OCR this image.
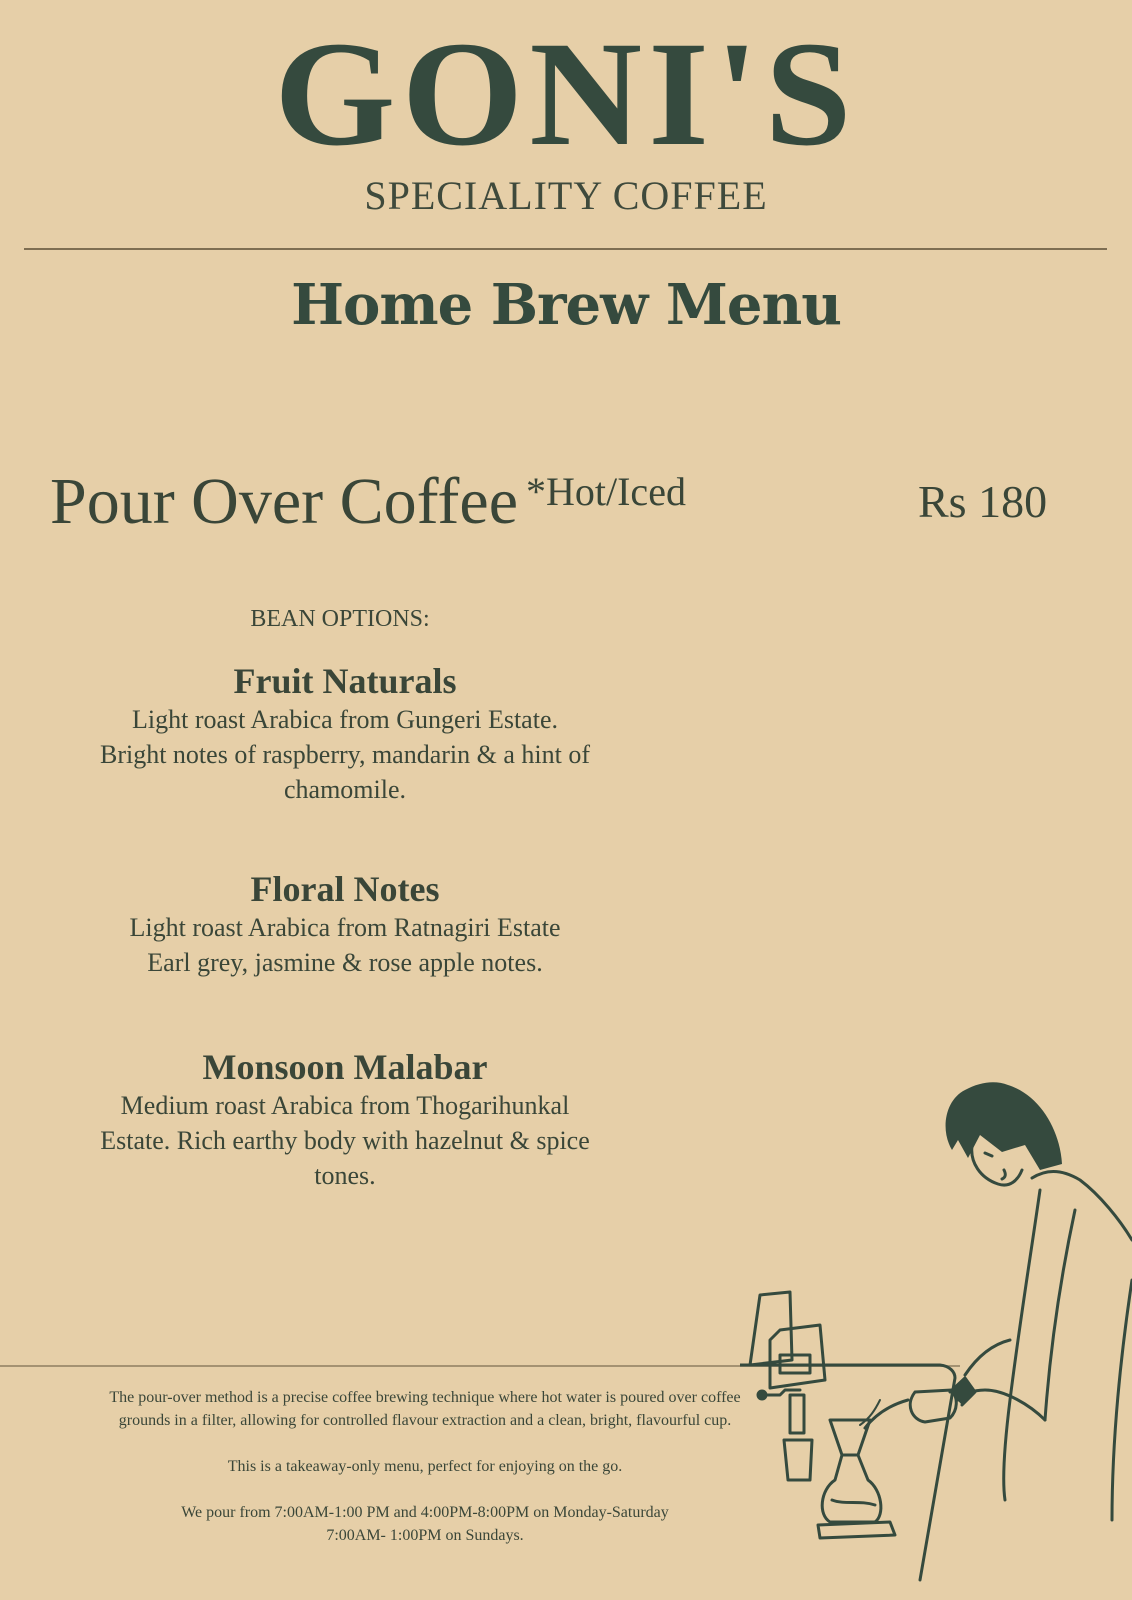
GONI'S
SPECIALITY COFFEE
Home Brew Menu
Pour Over Coffee $^{*Hot/Iced}$	Rs 180
BEAN OPTIONS:
Fruit Naturals
Light roast Arabica from Gungeri Estate.
Bright notes of raspberry, mandarin & a hint of
chamomile.
Floral Notes
Light roast Arabica from Ratnagiri Estate
Earl grey, jasmine & rose apple notes.
Monsoon Malabar
Medium roast Arabica from Thogarihunkal
Estate. Rich earthy body with hazelnut & spice
tones.
The pour-over method is a precise coffee brewing technique where hot water is poured over coffee
grounds in a filter, allowing for controlled flavour extraction and a clean, bright, flavourful cup.
This is a takeaway-only menu, perfect for enjoying on the go.
We pour from 7:00AM-1:00 PM and 4:00PM-8:00PM on Monday-Saturday
7:00AM- 1:00PM on Sundays.
